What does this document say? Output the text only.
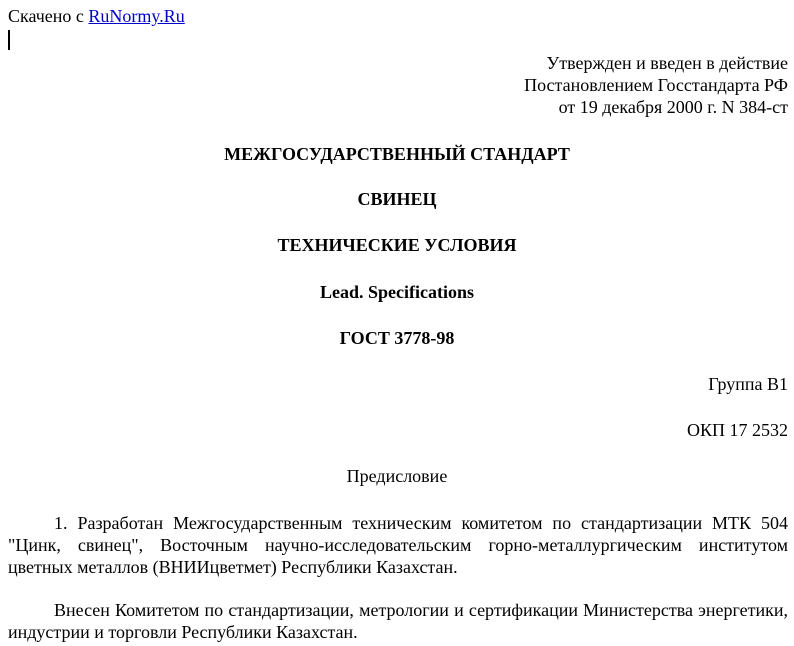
Скачено с RuNormy.Ru
Утвержден и введен в действие
Постановлением Госстандарта РФ
от 19 декабря 2000 г. N 384-ст
МЕЖГОСУДАРСТВЕННЫЙ СТАНДАРТ
СВИНЕЦ
ТЕХНИЧЕСКИЕ УСЛОВИЯ
Lead. Specifications
ГОСТ 3778-98
Группа В1
ОКП 17 2532
Предисловие
1. Разработан Межгосударственным техническим комитетом по стандартизации МТК 504 "Цинк, свинец", Восточным научно-исследовательским горно-металлургическим институтом цветных металлов (ВНИИцветмет) Республики Казахстан.
Внесен Комитетом по стандартизации, метрологии и сертификации Министерства энергетики, индустрии и торговли Республики Казахстан.
